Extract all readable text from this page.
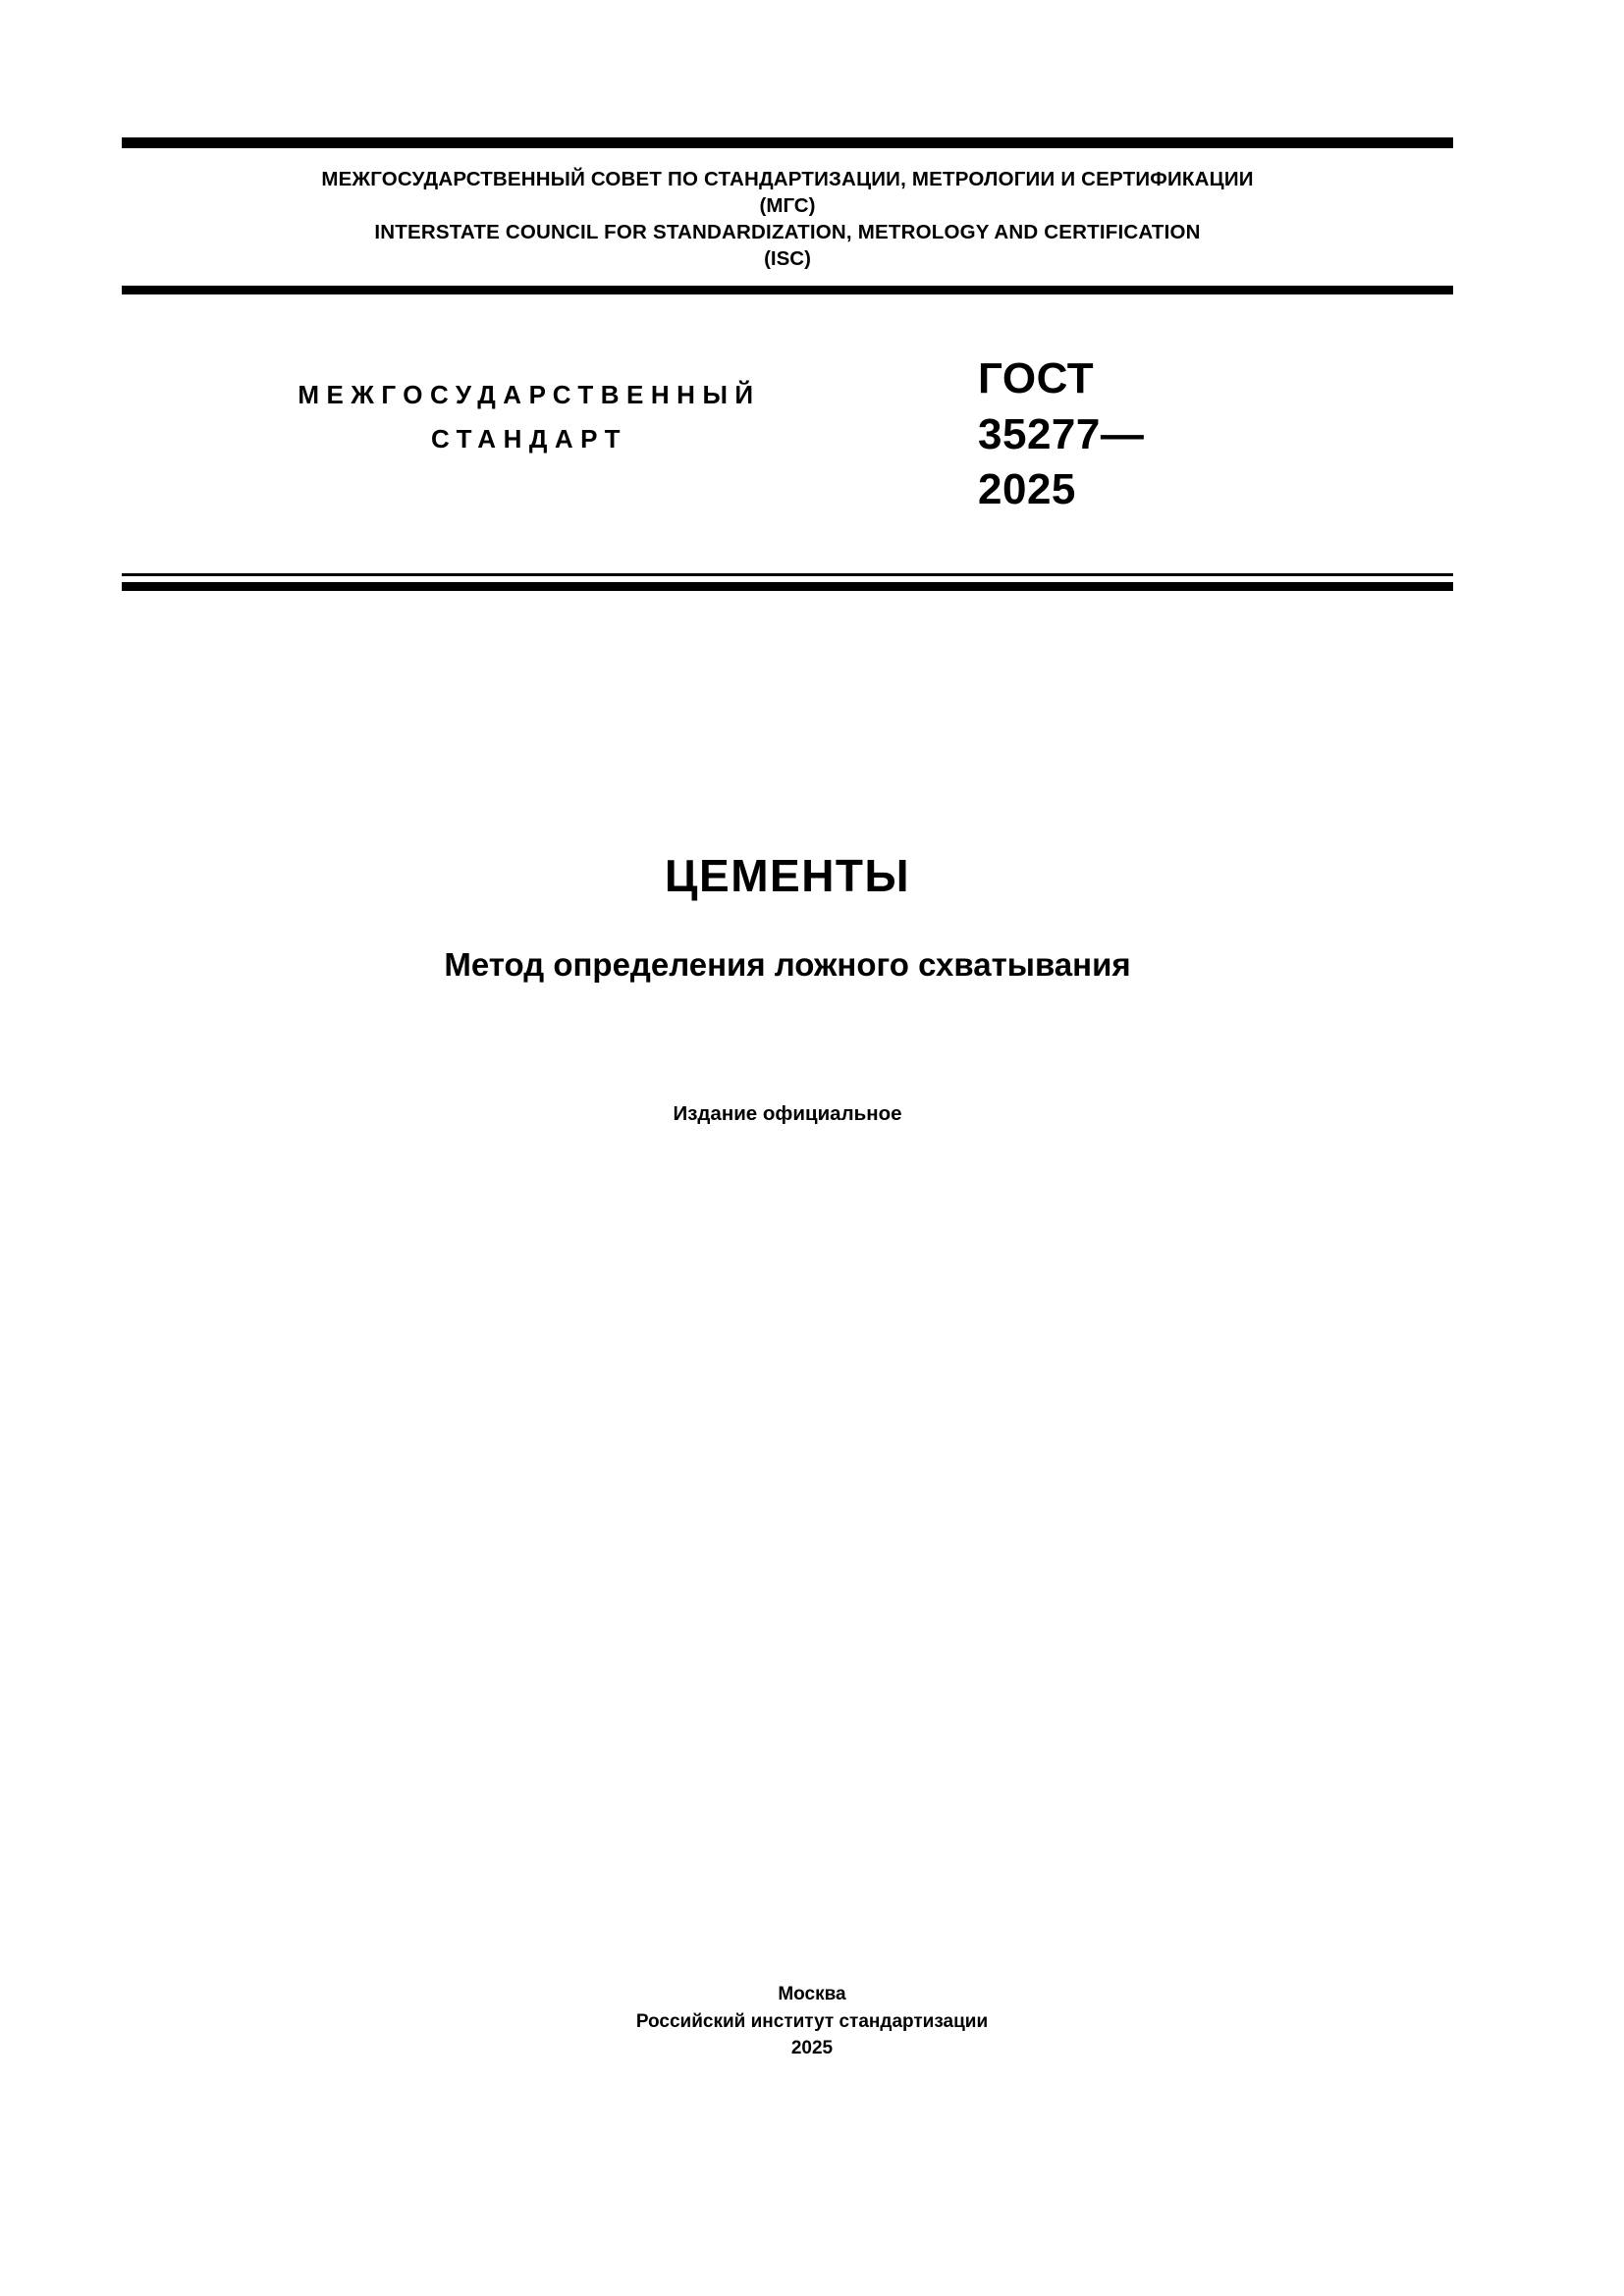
МЕЖГОСУДАРСТВЕННЫЙ СОВЕТ ПО СТАНДАРТИЗАЦИИ, МЕТРОЛОГИИ И СЕРТИФИКАЦИИ
(МГС)
INTERSTATE COUNCIL FOR STANDARDIZATION, METROLOGY AND CERTIFICATION
(ISC)
МЕЖГОСУДАРСТВЕННЫЙ
СТАНДАРТ
ГОСТ
35277—
2025
ЦЕМЕНТЫ
Метод определения ложного схватывания
Издание официальное
Москва
Российский институт стандартизации
2025
